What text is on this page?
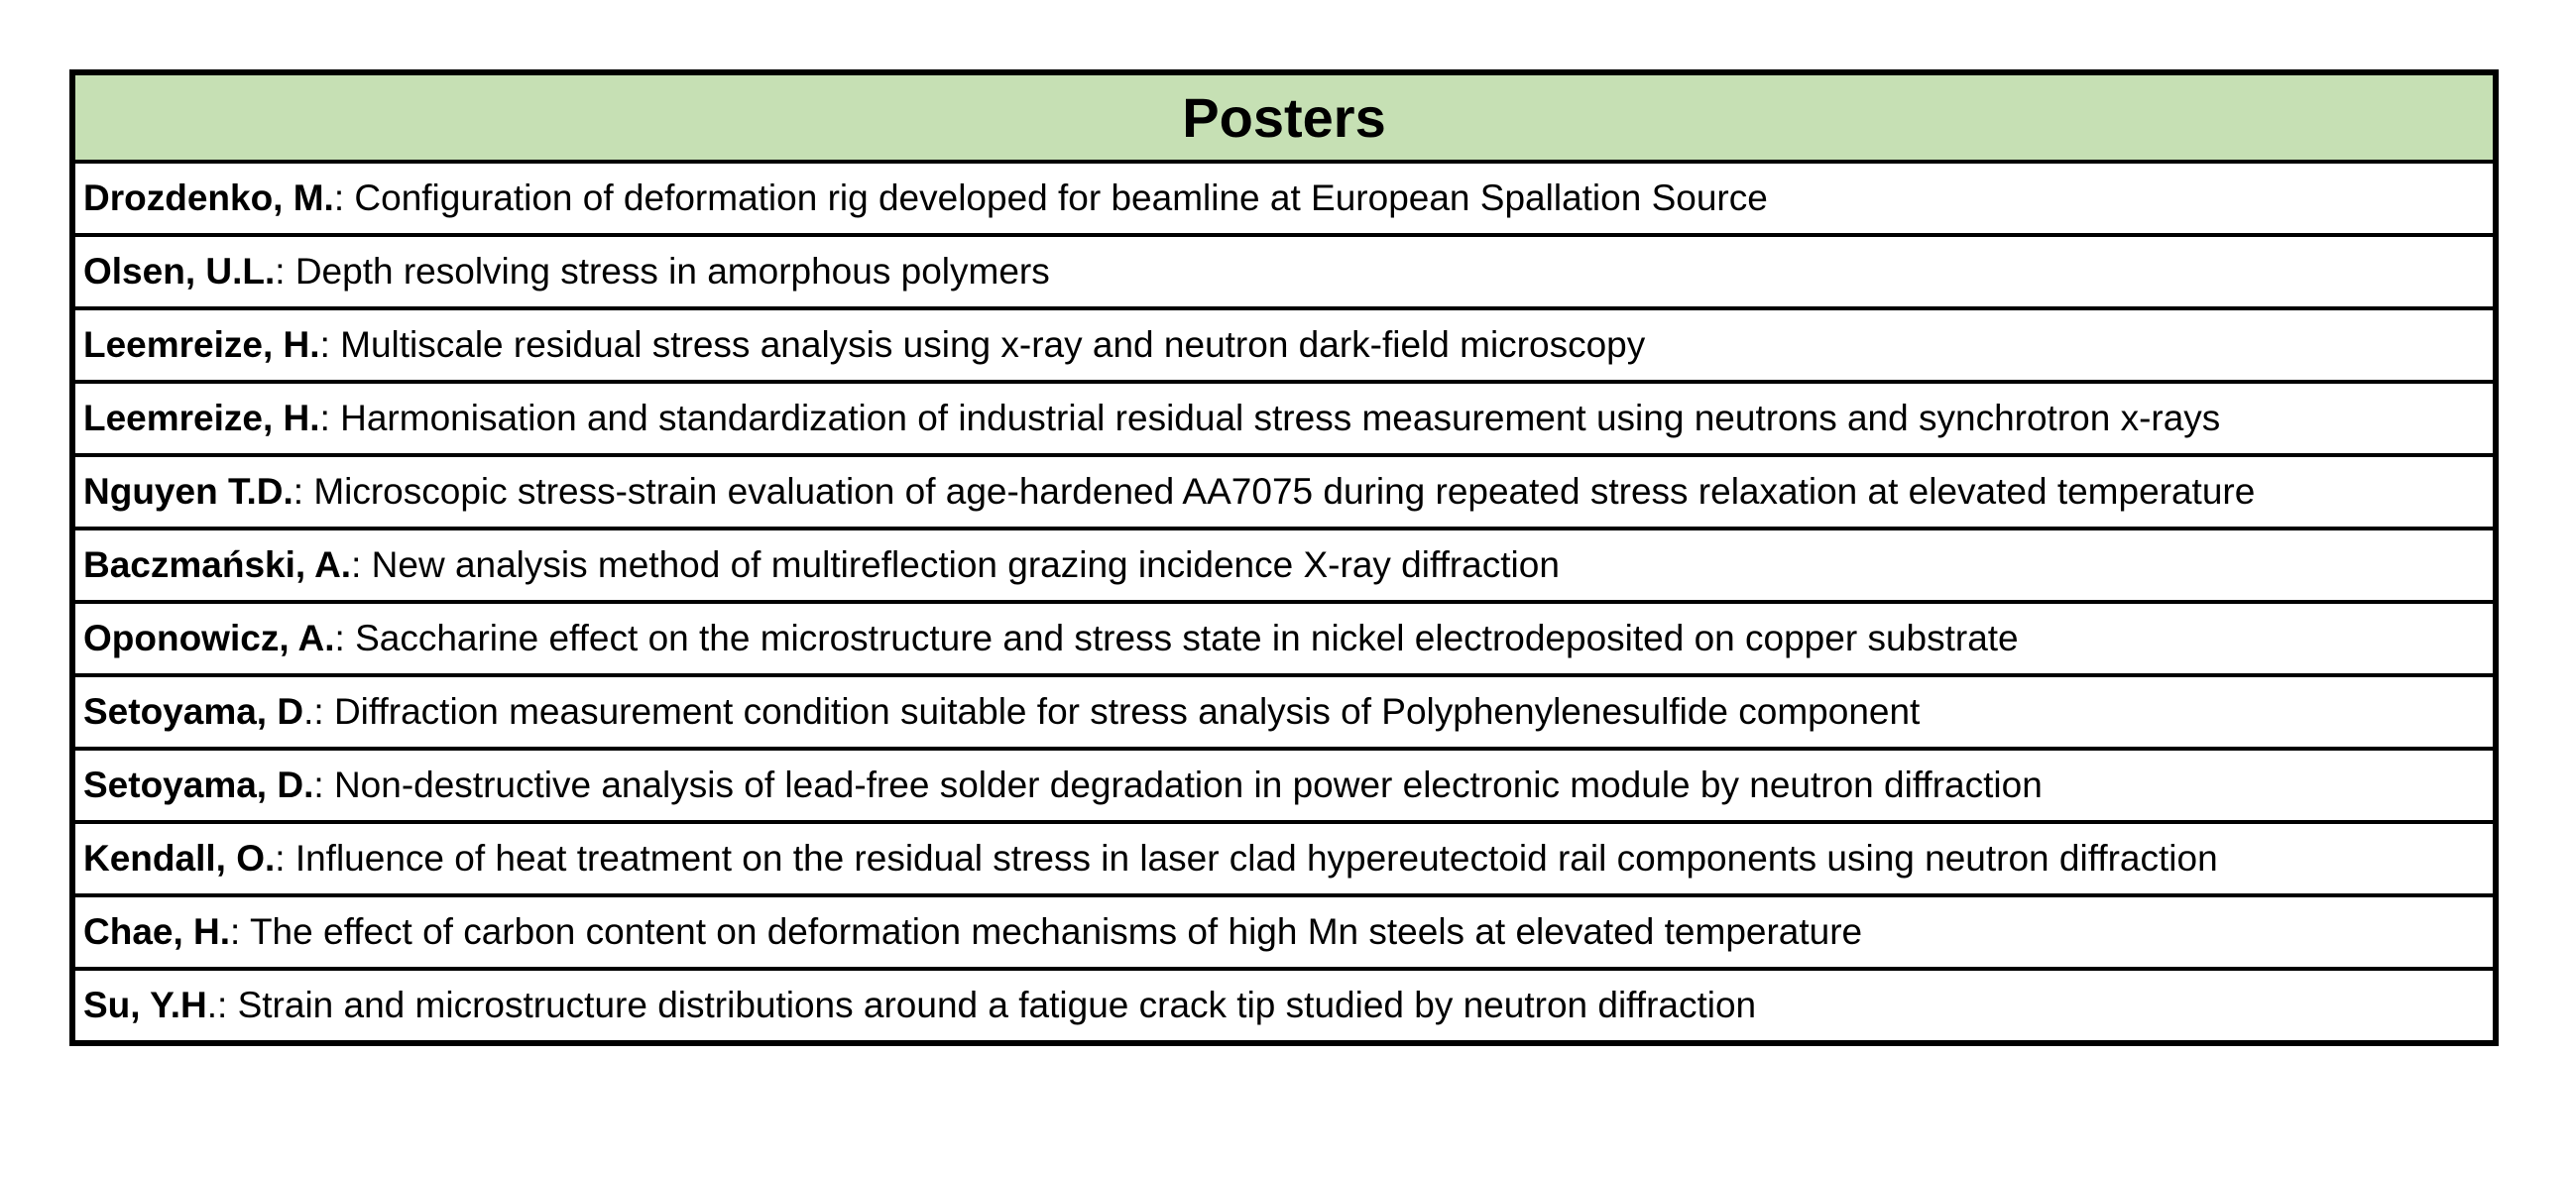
Posters
Drozdenko, M.: Configuration of deformation rig developed for beamline at European Spallation Source
Olsen, U.L.: Depth resolving stress in amorphous polymers
Leemreize, H.: Multiscale residual stress analysis using x-ray and neutron dark-field microscopy
Leemreize, H.: Harmonisation and standardization of industrial residual stress measurement using neutrons and synchrotron x-rays
Nguyen T.D.: Microscopic stress-strain evaluation of age-hardened AA7075 during repeated stress relaxation at elevated temperature
Baczmański, A.: New analysis method of multireflection grazing incidence X-ray diffraction
Oponowicz, A.: Saccharine effect on the microstructure and stress state in nickel electrodeposited on copper substrate
Setoyama, D.: Diffraction measurement condition suitable for stress analysis of Polyphenylenesulfide component
Setoyama, D.: Non-destructive analysis of lead-free solder degradation in power electronic module by neutron diffraction
Kendall, O.: Influence of heat treatment on the residual stress in laser clad hypereutectoid rail components using neutron diffraction
Chae, H.: The effect of carbon content on deformation mechanisms of high Mn steels at elevated temperature
Su, Y.H.: Strain and microstructure distributions around a fatigue crack tip studied by neutron diffraction
